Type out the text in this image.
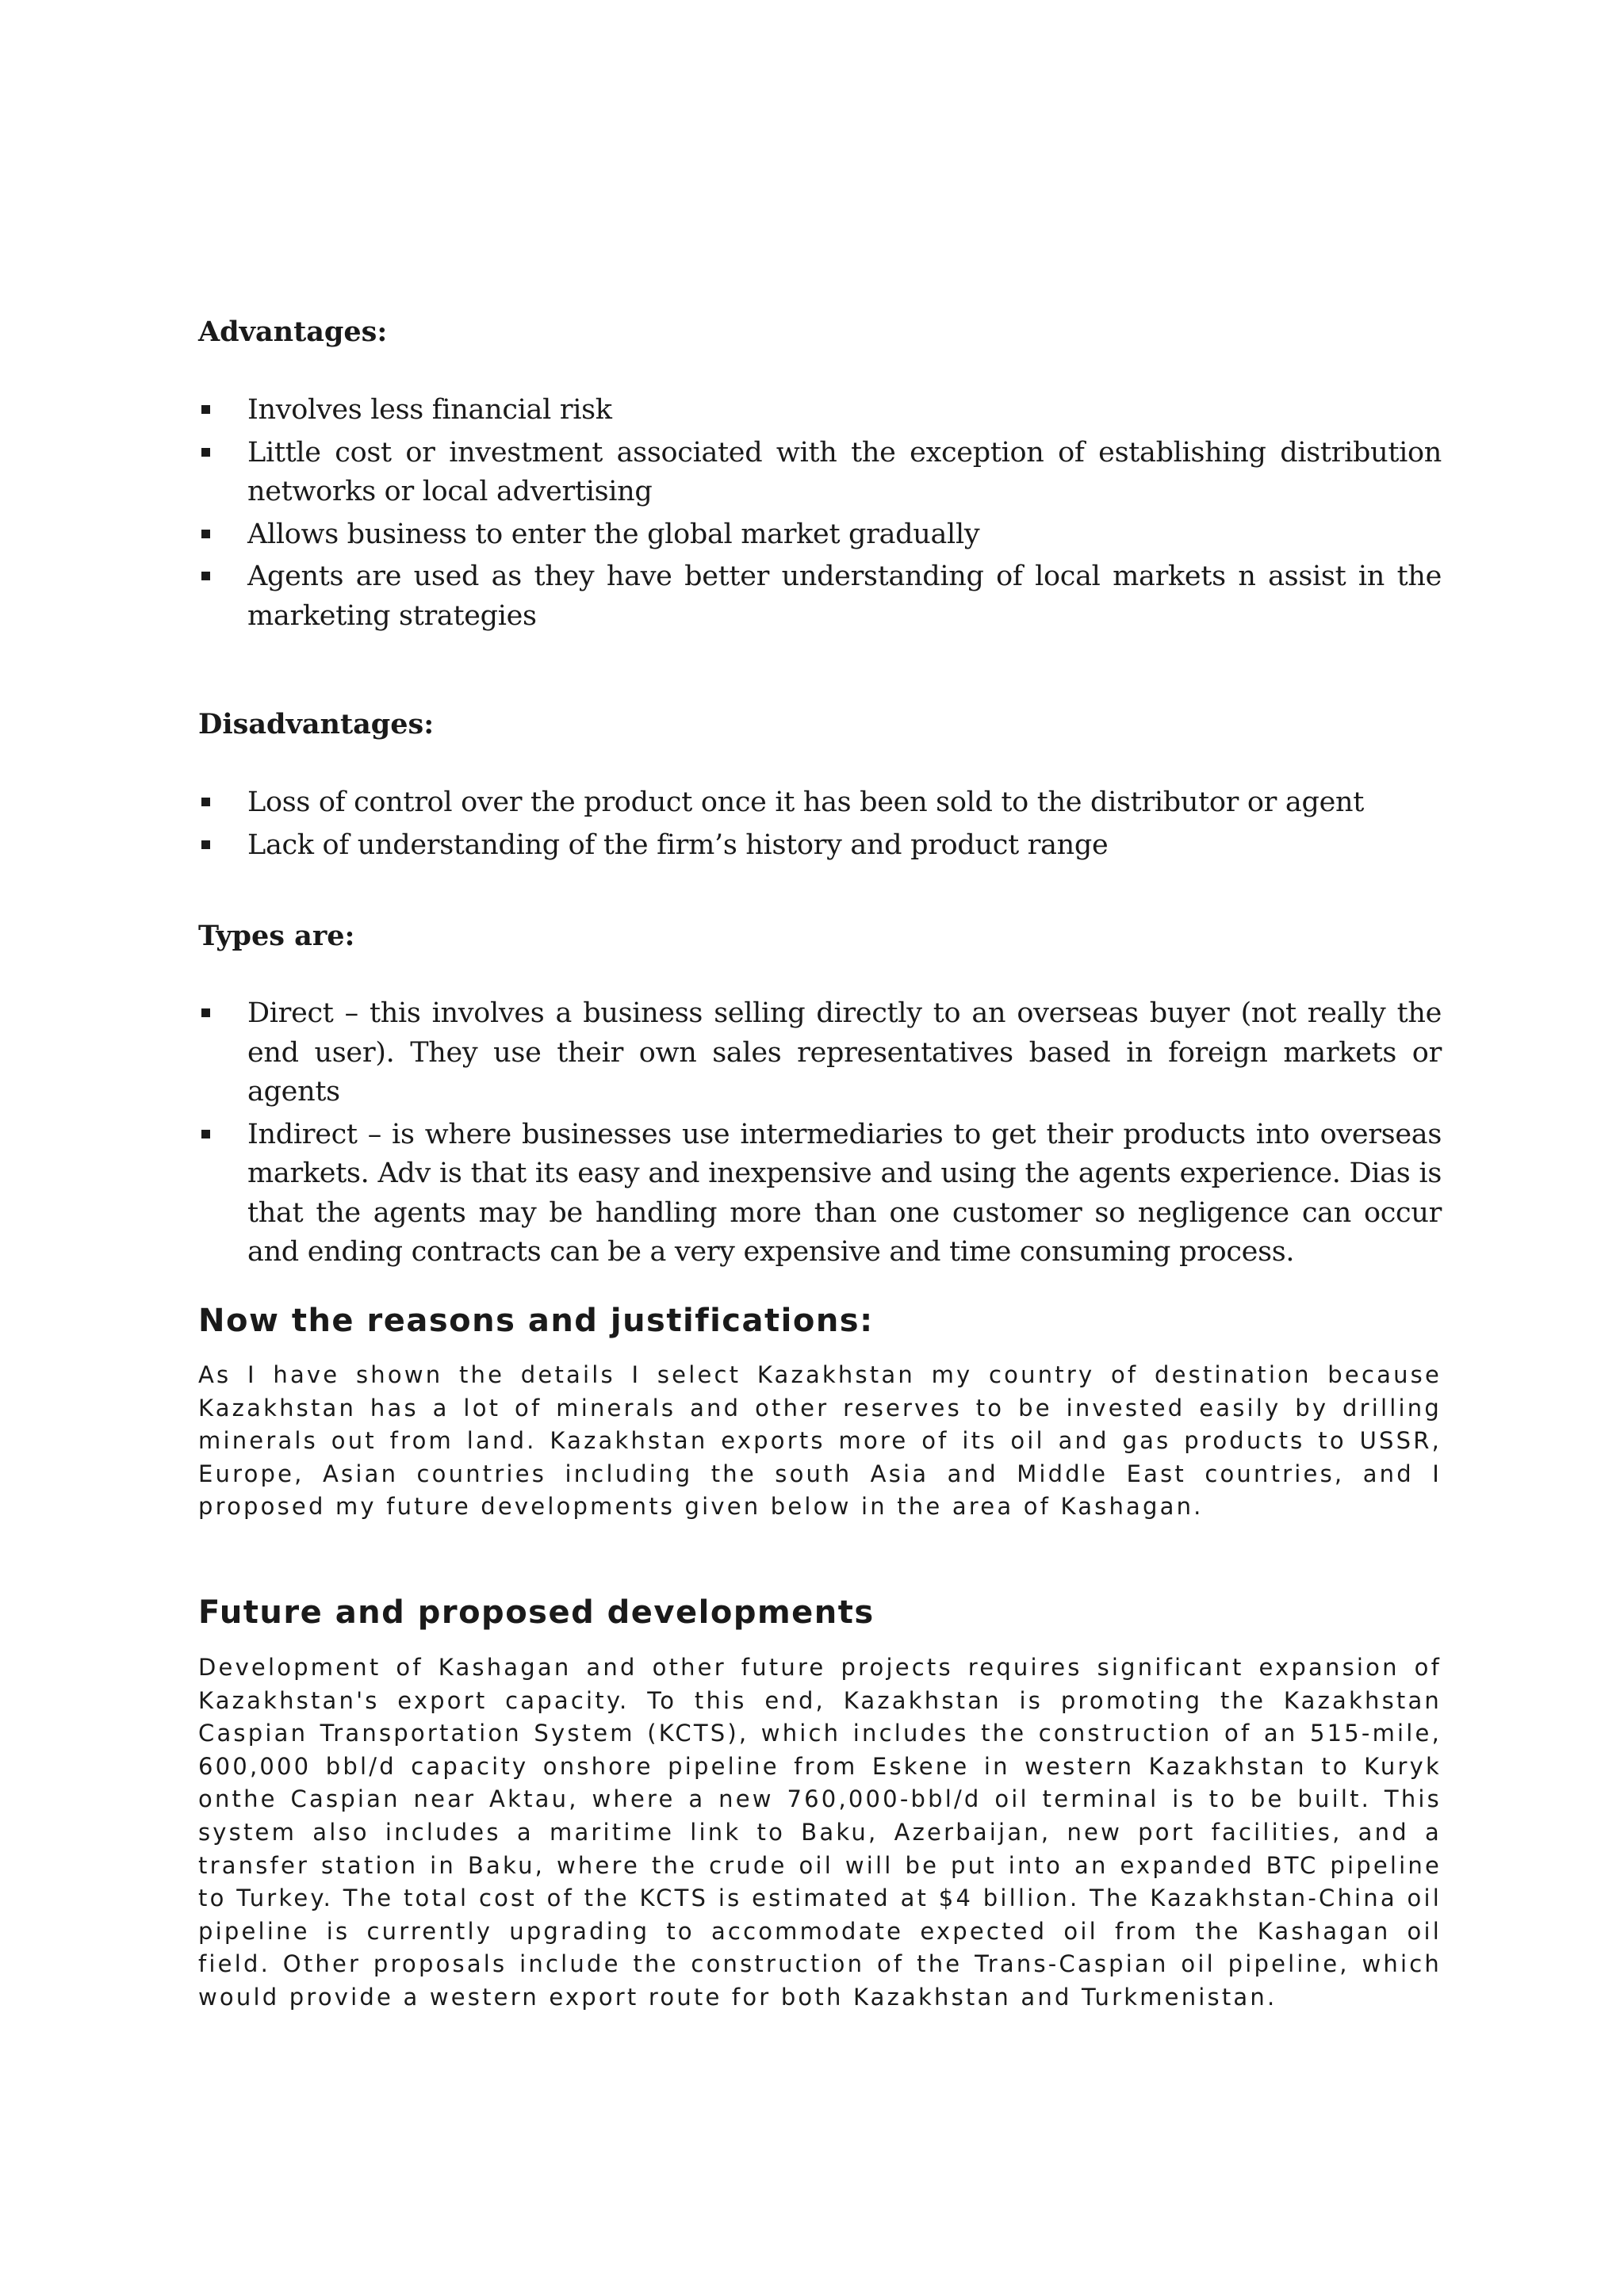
Advantages:
Involves less financial risk
Little cost or investment associated with the exception of establishing distribution networks or local advertising
Allows business to enter the global market gradually
Agents are used as they have better understanding of local markets n assist in the marketing strategies
Disadvantages:
Loss of control over the product once it has been sold to the distributor or agent
Lack of understanding of the firm’s history and product range
Types are:
Direct – this involves a business selling directly to an overseas buyer (not really the end user). They use their own sales representatives based in foreign markets or agents
Indirect – is where businesses use intermediaries to get their products into overseas markets. Adv is that its easy and inexpensive and using the agents experience. Dias is that the agents may be handling more than one customer so negligence can occur and ending contracts can be a very expensive and time consuming process.
Now the reasons and justifications:

As I have shown the details I select Kazakhstan my country of destination because Kazakhstan has a lot of minerals and other reserves to be invested easily by drilling minerals out from land. Kazakhstan exports more of its oil and gas products to USSR, Europe, Asian countries including the south Asia and Middle East countries, and I proposed my future developments given below in the area of Kashagan.

Future and proposed developments

Development of Kashagan and other future projects requires significant expansion of Kazakhstan's export capacity. To this end, Kazakhstan is promoting the Kazakhstan Caspian Transportation System (KCTS), which includes the construction of an 515-mile, 600,000 bbl/d capacity onshore pipeline from Eskene in western Kazakhstan to Kuryk onthe Caspian near Aktau, where a new 760,000-bbl/d oil terminal is to be built. This system also includes a maritime link to Baku, Azerbaijan, new port facilities, and a transfer station in Baku, where the crude oil will be put into an expanded BTC pipeline to Turkey. The total cost of the KCTS is estimated at $4 billion. The Kazakhstan-China oil pipeline is currently upgrading to accommodate expected oil from the Kashagan oil field. Other proposals include the construction of the Trans-Caspian oil pipeline, which would provide a western export route for both Kazakhstan and Turkmenistan.
